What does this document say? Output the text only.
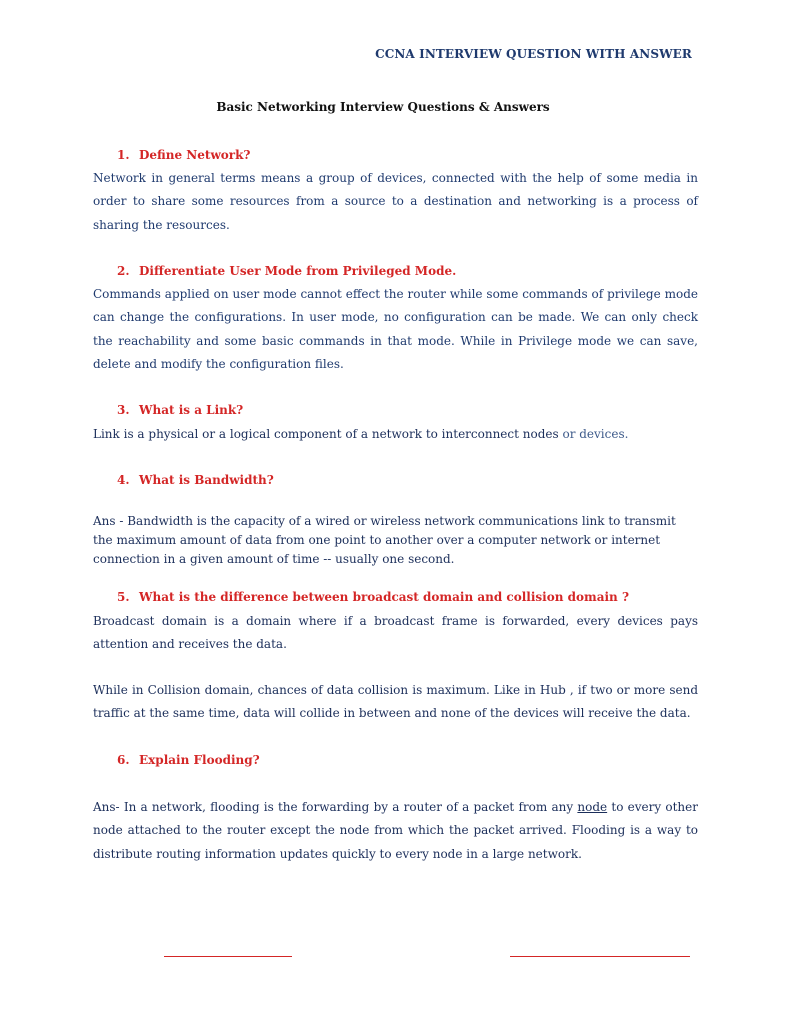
CCNA INTERVIEW QUESTION WITH ANSWER
Basic Networking Interview Questions & Answers
1. Define Network?

Network in general terms means a group of devices, connected with the help of some media in order to share some resources from a source to a destination and networking is a process of sharing the resources.

2. Differentiate User Mode from Privileged Mode.

Commands applied on user mode cannot effect the router while some commands of privilege mode can change the configurations. In user mode, no configuration can be made. We can only check the reachability and some basic commands in that mode. While in Privilege mode we can save, delete and modify the configuration files.

3. What is a Link?

Link is a physical or a logical component of a network to interconnect nodes or devices.

4. What is Bandwidth?

Ans - Bandwidth is the capacity of a wired or wireless network communications link to transmit the maximum amount of data from one point to another over a computer network or internet connection in a given amount of time -- usually one second.

5. What is the difference between broadcast domain and collision domain ?

Broadcast domain is a domain where if a broadcast frame is forwarded, every devices pays attention and receives the data.

While in Collision domain, chances of data collision is maximum. Like in Hub , if two or more send traffic at the same time, data will collide in between and none of the devices will receive the data.

6. Explain Flooding?

Ans- In a network, flooding is the forwarding by a router of a packet from any node to every other node attached to the router except the node from which the packet arrived. Flooding is a way to distribute routing information updates quickly to every node in a large network.
